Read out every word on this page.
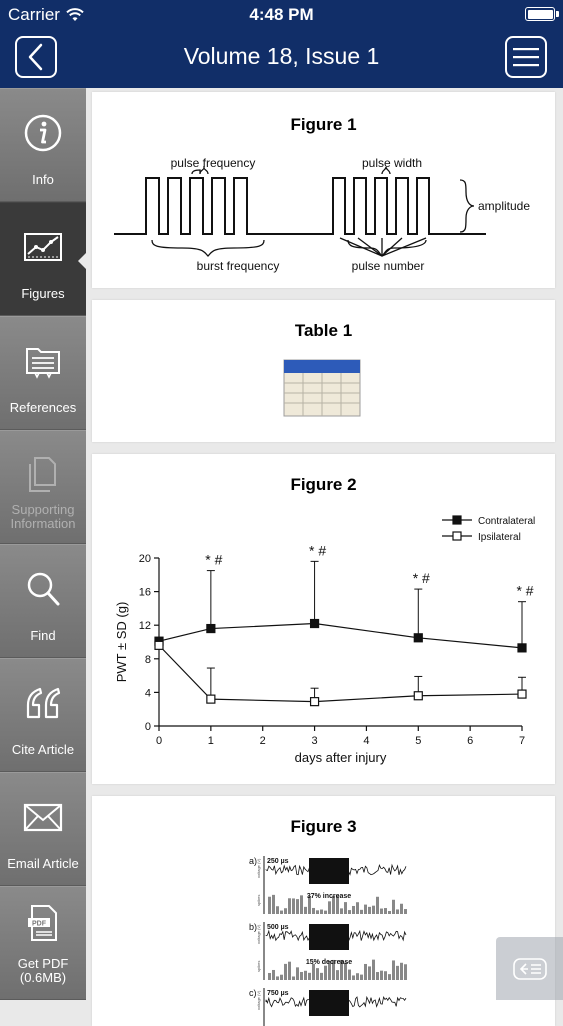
Carrier	4:48 PM
Volume 18, Issue 1
Info
Figures
References
Supporting Information
Find
Cite Article
Email Article
PDF
Get PDF (0.6MB)
Figure 1
pulse frequency	pulse width
amplitude
burst frequency	pulse number
Table 1
Figure 2
0
4
8
12
16
20
0	1	2	3	4	5	6	7
* #
* #
* #
* #
Contralateral
Ipsilateral
days after injury
PWT ± SD (g)
Figure 3
a)
voltage (V)
spikes
250 µs
37% increase
b)
voltage (V)
spikes
500 µs
15% decrease
c) voltage (V) 750 µs
